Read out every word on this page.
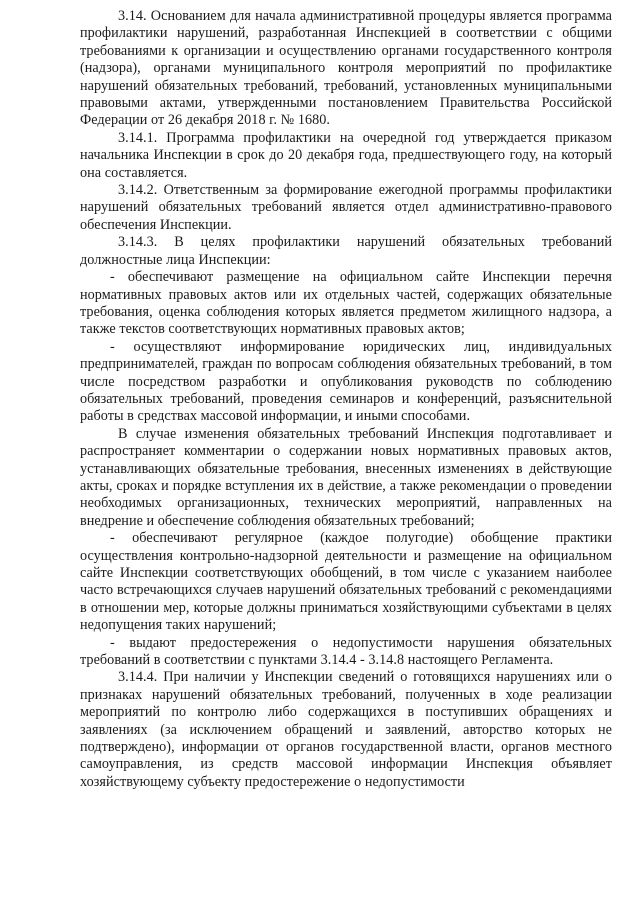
3.14. Основанием для начала административной процедуры является программа профилактики нарушений, разработанная Инспекцией в соответствии с общими требованиями к организации и осуществлению органами государственного контроля (надзора), органами муниципального контроля мероприятий по профилактике нарушений обязательных требований, требований, установленных муниципальными правовыми актами, утвержденными постановлением Правительства Российской Федерации от 26 декабря 2018 г. № 1680.

3.14.1. Программа профилактики на очередной год утверждается приказом начальника Инспекции в срок до 20 декабря года, предшествующего году, на который она составляется.

3.14.2. Ответственным за формирование ежегодной программы профилактики нарушений обязательных требований является отдел административно-правового обеспечения Инспекции.

3.14.3. В целях профилактики нарушений обязательных требований должностные лица Инспекции:

- обеспечивают размещение на официальном сайте Инспекции перечня нормативных правовых актов или их отдельных частей, содержащих обязательные требования, оценка соблюдения которых является предметом жилищного надзора, а также текстов соответствующих нормативных правовых актов;

- осуществляют информирование юридических лиц, индивидуальных предпринимателей, граждан по вопросам соблюдения обязательных требований, в том числе посредством разработки и опубликования руководств по соблюдению обязательных требований, проведения семинаров и конференций, разъяснительной работы в средствах массовой информации, и иными способами.

В случае изменения обязательных требований Инспекция подготавливает и распространяет комментарии о содержании новых нормативных правовых актов, устанавливающих обязательные требования, внесенных изменениях в действующие акты, сроках и порядке вступления их в действие, а также рекомендации о проведении необходимых организационных, технических мероприятий, направленных на внедрение и обеспечение соблюдения обязательных требований;

- обеспечивают регулярное (каждое полугодие) обобщение практики осуществления контрольно-надзорной деятельности и размещение на официальном сайте Инспекции соответствующих обобщений, в том числе с указанием наиболее часто встречающихся случаев нарушений обязательных требований с рекомендациями в отношении мер, которые должны приниматься хозяйствующими субъектами в целях недопущения таких нарушений;

- выдают предостережения о недопустимости нарушения обязательных требований в соответствии с пунктами 3.14.4 - 3.14.8 настоящего Регламента.

3.14.4. При наличии у Инспекции сведений о готовящихся нарушениях или о признаках нарушений обязательных требований, полученных в ходе реализации мероприятий по контролю либо содержащихся в поступивших обращениях и заявлениях (за исключением обращений и заявлений, авторство которых не подтверждено), информации от органов государственной власти, органов местного самоуправления, из средств массовой информации Инспекция объявляет хозяйствующему субъекту предостережение о недопустимости
